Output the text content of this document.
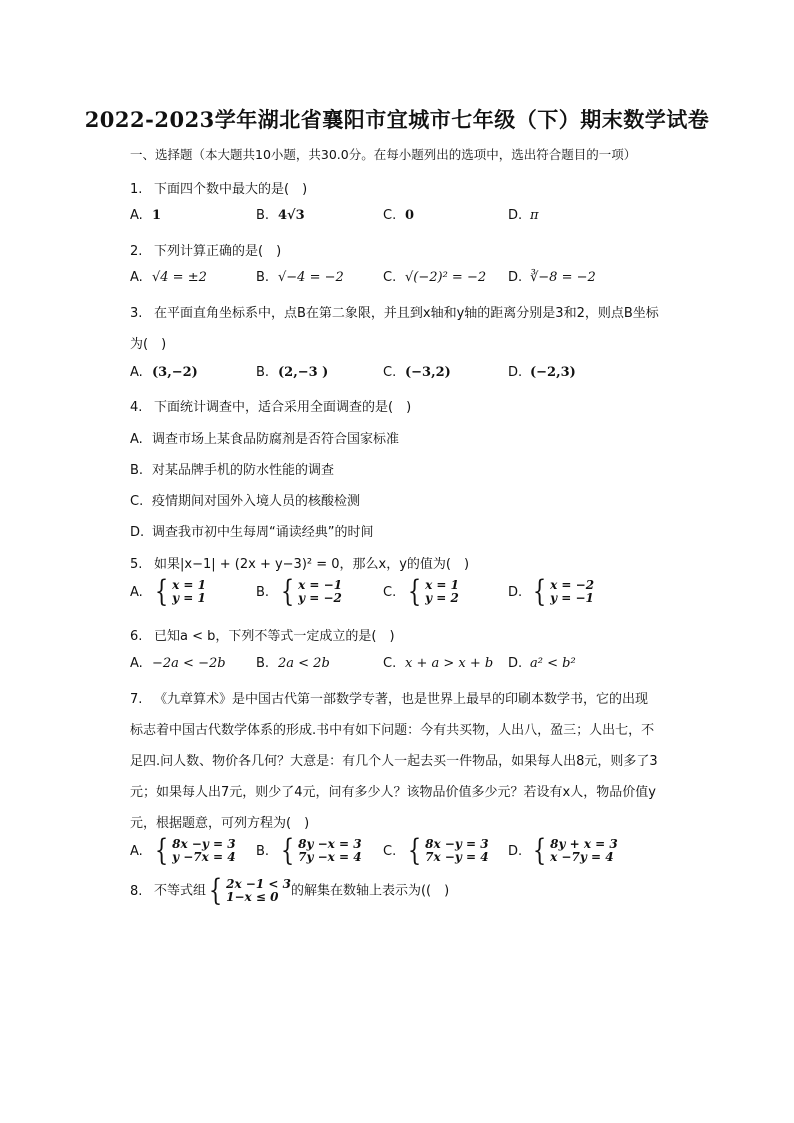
2022-2023学年湖北省襄阳市宜城市七年级（下）期末数学试卷
一、选择题（本大题共10小题，共30.0分。在每小题列出的选项中，选出符合题目的一项）
1. 下面四个数中最大的是(　)
A. 1	B. 4√3	C. 0	D. π
2. 下列计算正确的是(　)
A. √4 = ±2	B. √−4 = −2	C. √(−2)² = −2 D. ∛−8 = −2
3. 在平面直角坐标系中，点B在第二象限，并且到x轴和y轴的距离分别是3和2，则点B坐标
为(　)
A. (3,−2)	B. (2,−3 )	C. (−3,2)	D. (−2,3)
4. 下面统计调查中，适合采用全面调查的是(　)
A. 调查市场上某食品防腐剂是否符合国家标准
B. 对某品牌手机的防水性能的调查
C. 疫情期间对国外入境人员的核酸检测
D. 调查我市初中生每周“诵读经典”的时间
5. 如果|x−1| + (2x + y−3)² = 0，那么x，y的值为(　)
A. { x = 1
y = 1	B. { x = −1
y = −2	C. { x = 1
y = 2	D. { x = −2
y = −1
6. 已知a < b，下列不等式一定成立的是(　)
A. −2a < −2b B. 2a < 2b	C. x + a > x + b D. a² < b²
7. 《九章算术》是中国古代第一部数学专著，也是世界上最早的印刷本数学书，它的出现
标志着中国古代数学体系的形成.书中有如下问题：今有共买物，人出八，盈三；人出七，不
足四.问人数、物价各几何？大意是：有几个人一起去买一件物品，如果每人出8元，则多了3
元；如果每人出7元，则少了4元，问有多少人？该物品价值多少元？若设有x人，物品价值y
元，根据题意，可列方程为(　)
A. { 8x −y = 3
y −7x = 4 B. { 8y −x = 3
7y −x = 4 C. { 8x −y = 3
7x −y = 4 D. { 8y + x = 3
x −7y = 4
8. 不等式组 { 2x −1 < 3
1−x ≤ 0 的解集在数轴上表示为((　)
